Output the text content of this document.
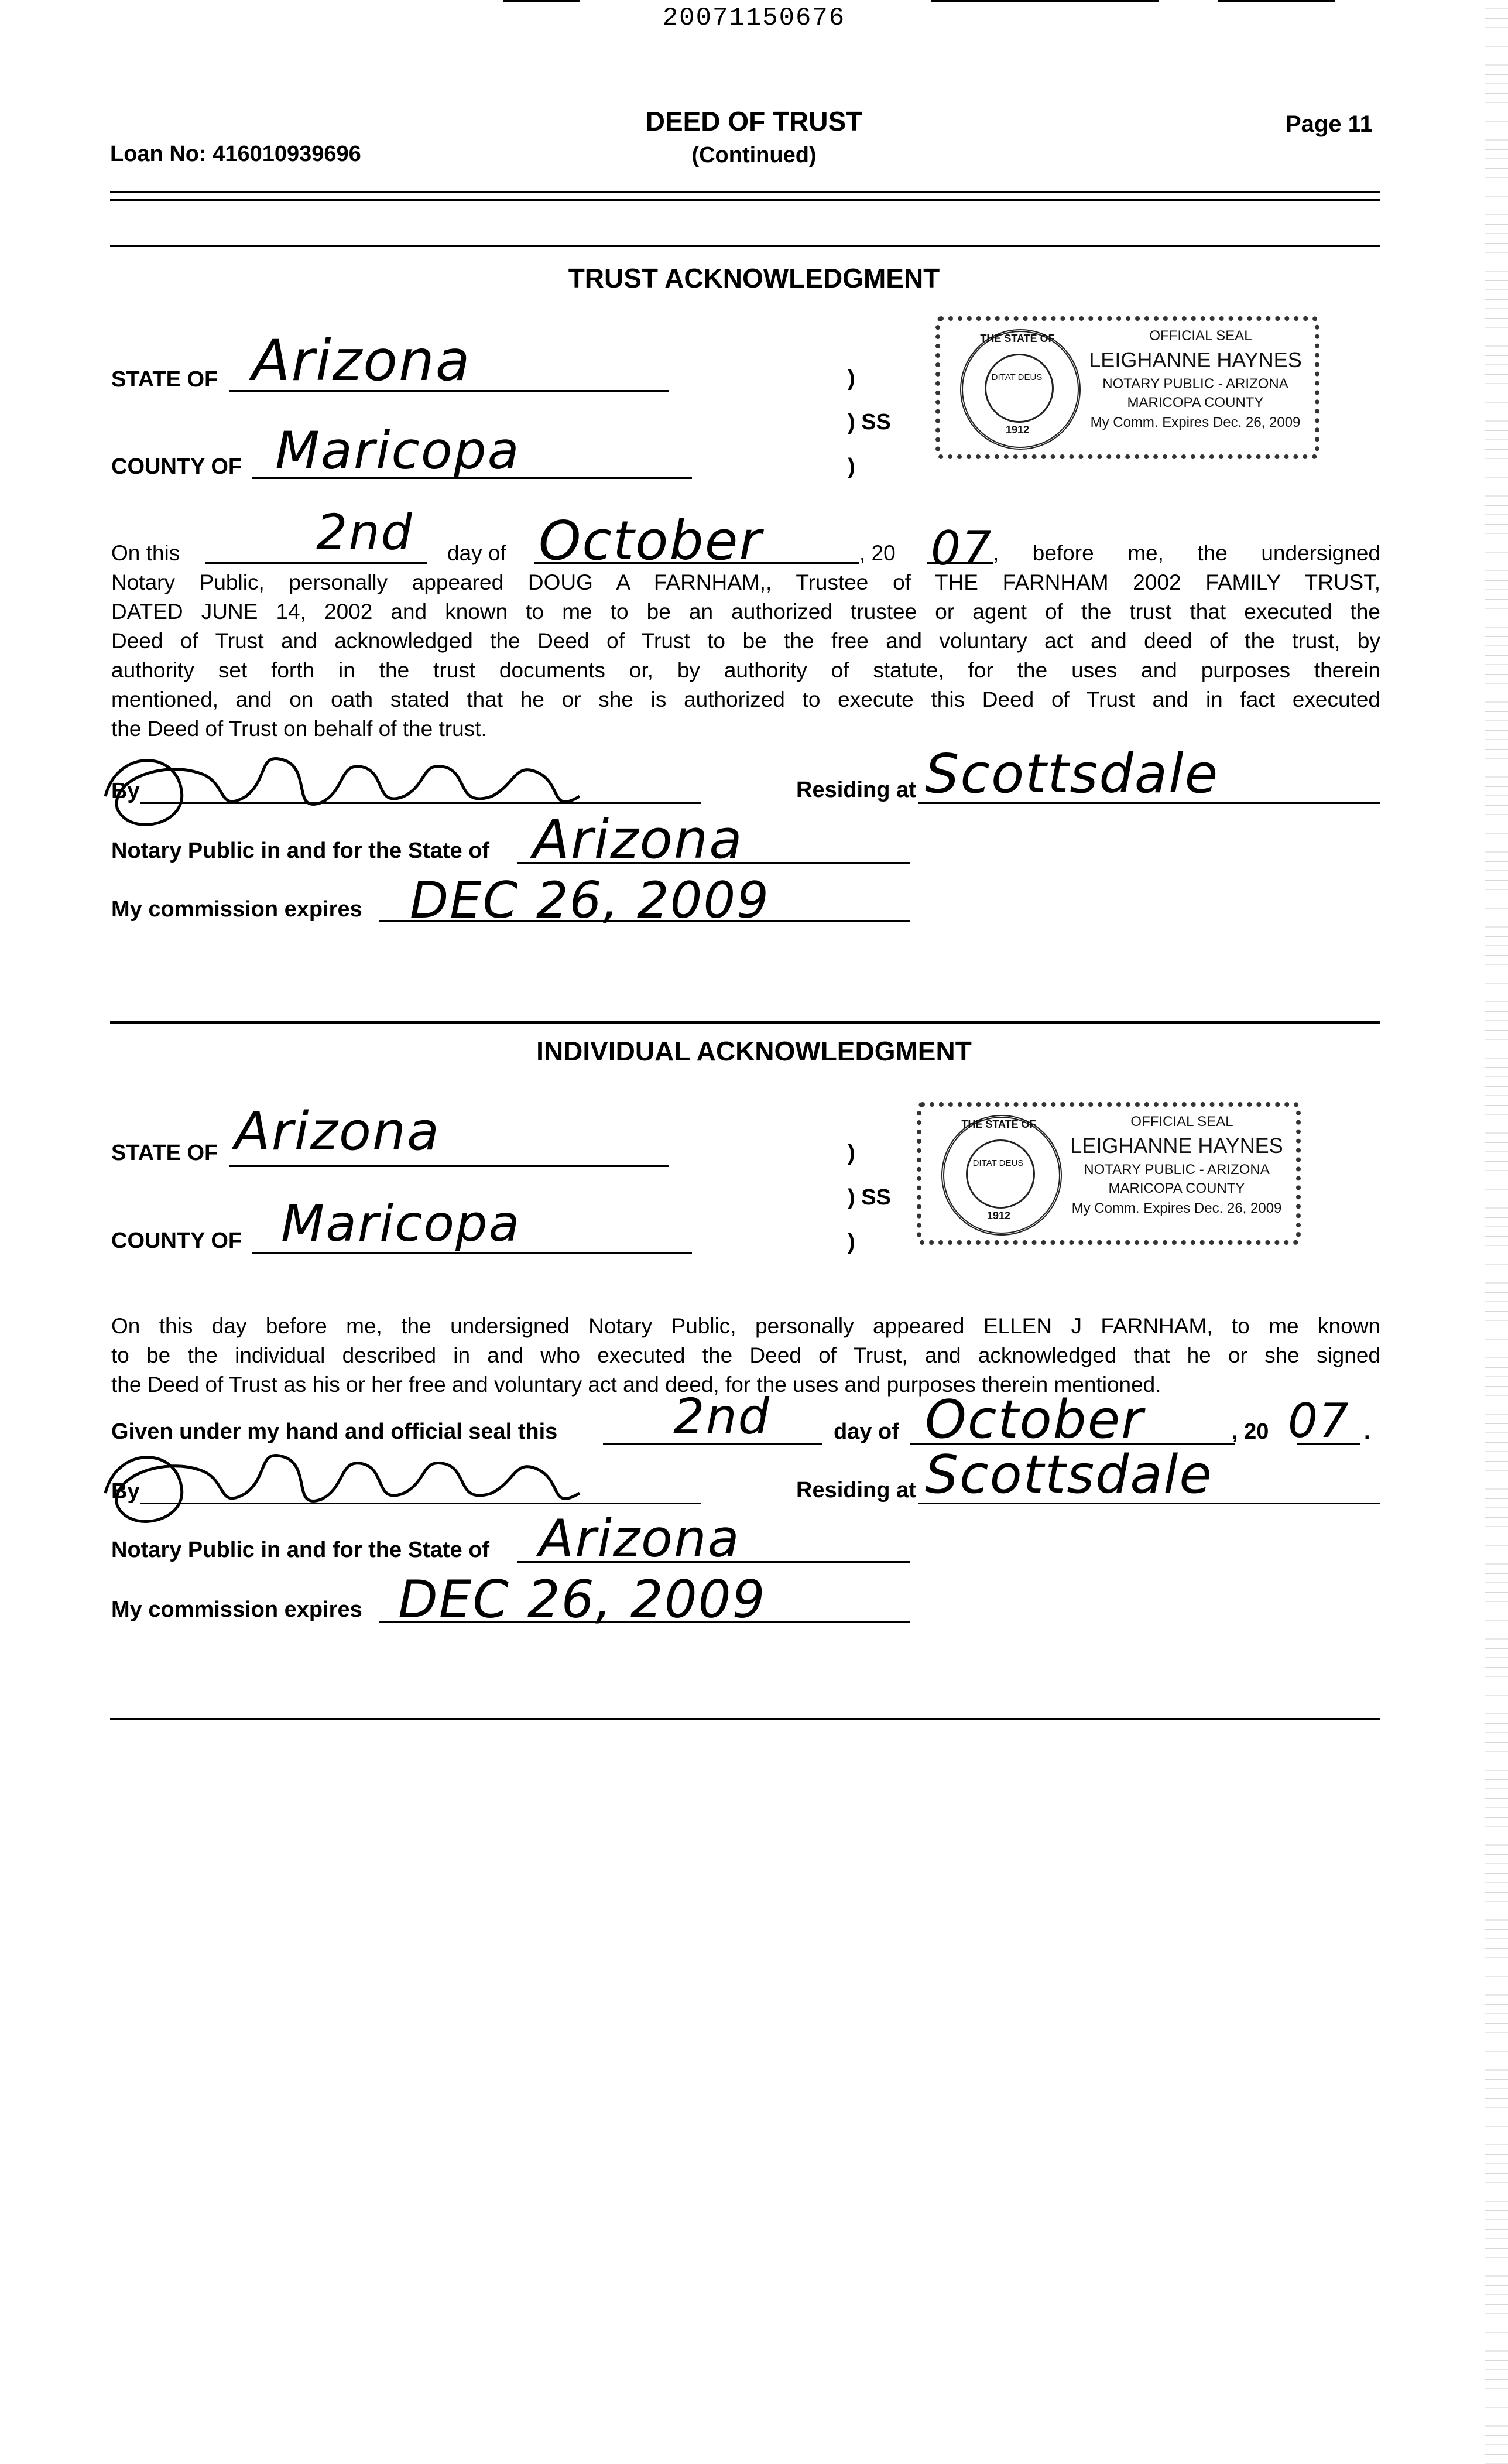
20071150676
Loan No: 416010939696
DEED OF TRUST
(Continued)
Page 11
TRUST ACKNOWLEDGMENT
STATE OF Arizona
COUNTY OF Maricopa
)
) SS
)
THE STATE OF
DITAT DEUS
1912
OFFICIAL SEAL
LEIGHANNE HAYNES
NOTARY PUBLIC - ARIZONA
MARICOPA COUNTY
My Comm. Expires Dec. 26, 2009
On this	2nd day of October	, 20 07 , before me, the undersigned
Notary Public, personally appeared DOUG A FARNHAM,, Trustee of THE FARNHAM 2002 FAMILY TRUST,
DATED JUNE 14, 2002 and known to me to be an authorized trustee or agent of the trust that executed the
Deed of Trust and acknowledged the Deed of Trust to be the free and voluntary act and deed of the trust, by
authority set forth in the trust documents or, by authority of statute, for the uses and purposes therein
mentioned, and on oath stated that he or she is authorized to execute this Deed of Trust and in fact executed
the Deed of Trust on behalf of the trust.
By	Residing at Scottsdale
Notary Public in and for the State of Arizona
My commission expires DEC 26, 2009
INDIVIDUAL ACKNOWLEDGMENT
STATE OF Arizona
COUNTY OF Maricopa
)
) SS
)
THE STATE OF
DITAT DEUS
1912
OFFICIAL SEAL
LEIGHANNE HAYNES
NOTARY PUBLIC - ARIZONA
MARICOPA COUNTY
My Comm. Expires Dec. 26, 2009
On this day before me, the undersigned Notary Public, personally appeared ELLEN J FARNHAM, to me known
to be the individual described in and who executed the Deed of Trust, and acknowledged that he or she signed
the Deed of Trust as his or her free and voluntary act and deed, for the uses and purposes therein mentioned.
Given under my hand and official seal this 2nd	day of October	, 20 07 .
By	Residing at Scottsdale
Notary Public in and for the State of Arizona
My commission expires DEC 26, 2009
